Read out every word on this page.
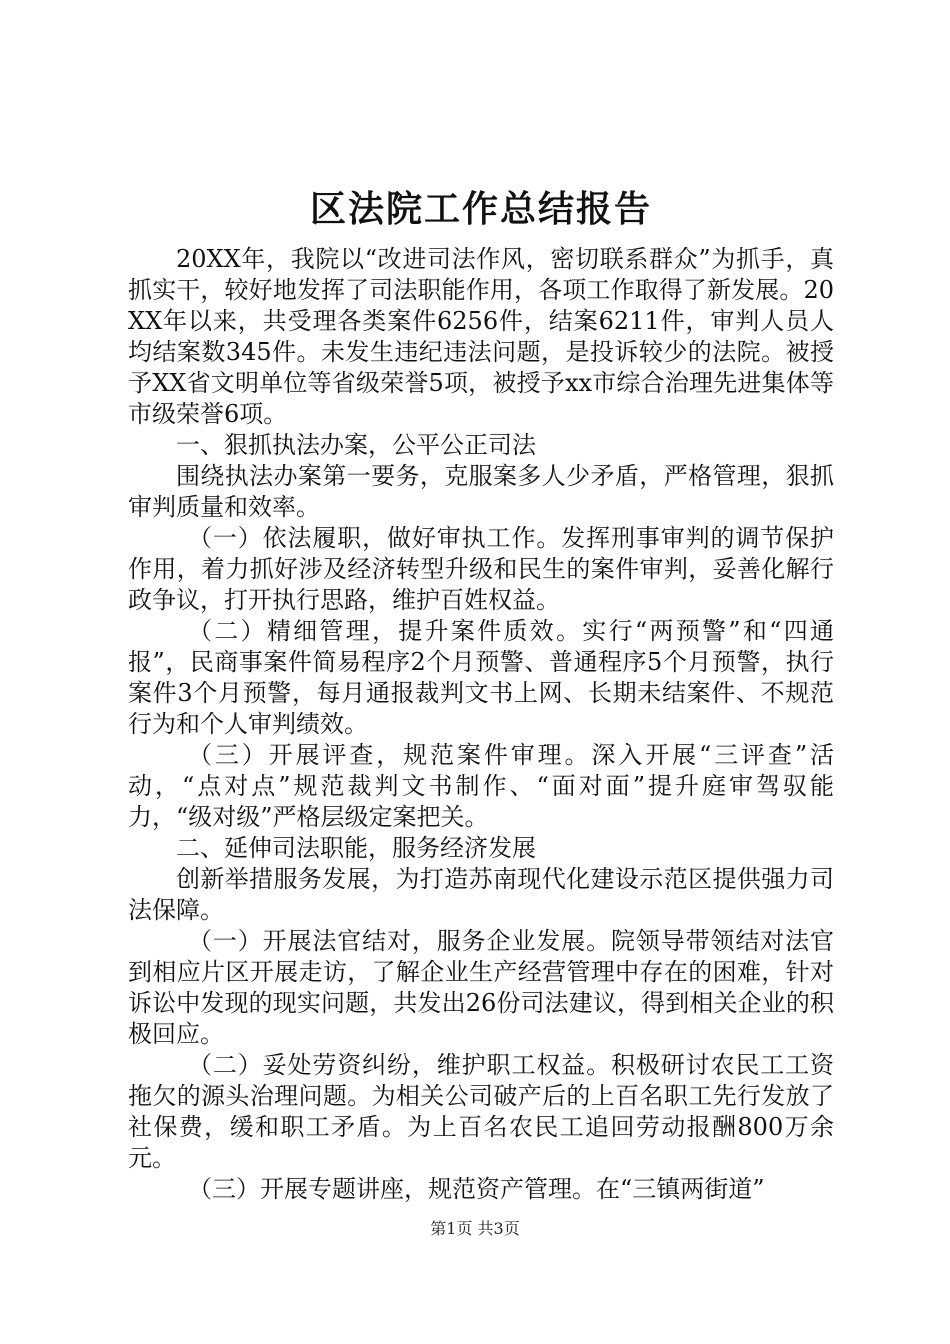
区法院工作总结报告

20XX年，我院以“改进司法作风，密切联系群众”为抓手，真抓实干，较好地发挥了司法职能作用，各项工作取得了新发展。20XX年以来，共受理各类案件6256件，结案6211件，审判人员人均结案数345件。未发生违纪违法问题，是投诉较少的法院。被授予XX省文明单位等省级荣誉5项，被授予xx市综合治理先进集体等市级荣誉6项。

一、狠抓执法办案，公平公正司法

围绕执法办案第一要务，克服案多人少矛盾，严格管理，狠抓审判质量和效率。

（一）依法履职，做好审执工作。发挥刑事审判的调节保护作用，着力抓好涉及经济转型升级和民生的案件审判，妥善化解行政争议，打开执行思路，维护百姓权益。

（二）精细管理，提升案件质效。实行“两预警”和“四通报”，民商事案件简易程序2个月预警、普通程序5个月预警，执行案件3个月预警，每月通报裁判文书上网、长期未结案件、不规范行为和个人审判绩效。

（三）开展评查，规范案件审理。深入开展“三评查”活动，“点对点”规范裁判文书制作、“面对面”提升庭审驾驭能力，“级对级”严格层级定案把关。

二、延伸司法职能，服务经济发展

创新举措服务发展，为打造苏南现代化建设示范区提供强力司法保障。

（一）开展法官结对，服务企业发展。院领导带领结对法官到相应片区开展走访，了解企业生产经营管理中存在的困难，针对诉讼中发现的现实问题，共发出26份司法建议，得到相关企业的积极回应。

（二）妥处劳资纠纷，维护职工权益。积极研讨农民工工资拖欠的源头治理问题。为相关公司破产后的上百名职工先行发放了社保费，缓和职工矛盾。为上百名农民工追回劳动报酬800万余元。

（三）开展专题讲座，规范资产管理。在“三镇两街道”

第1页 共3页
